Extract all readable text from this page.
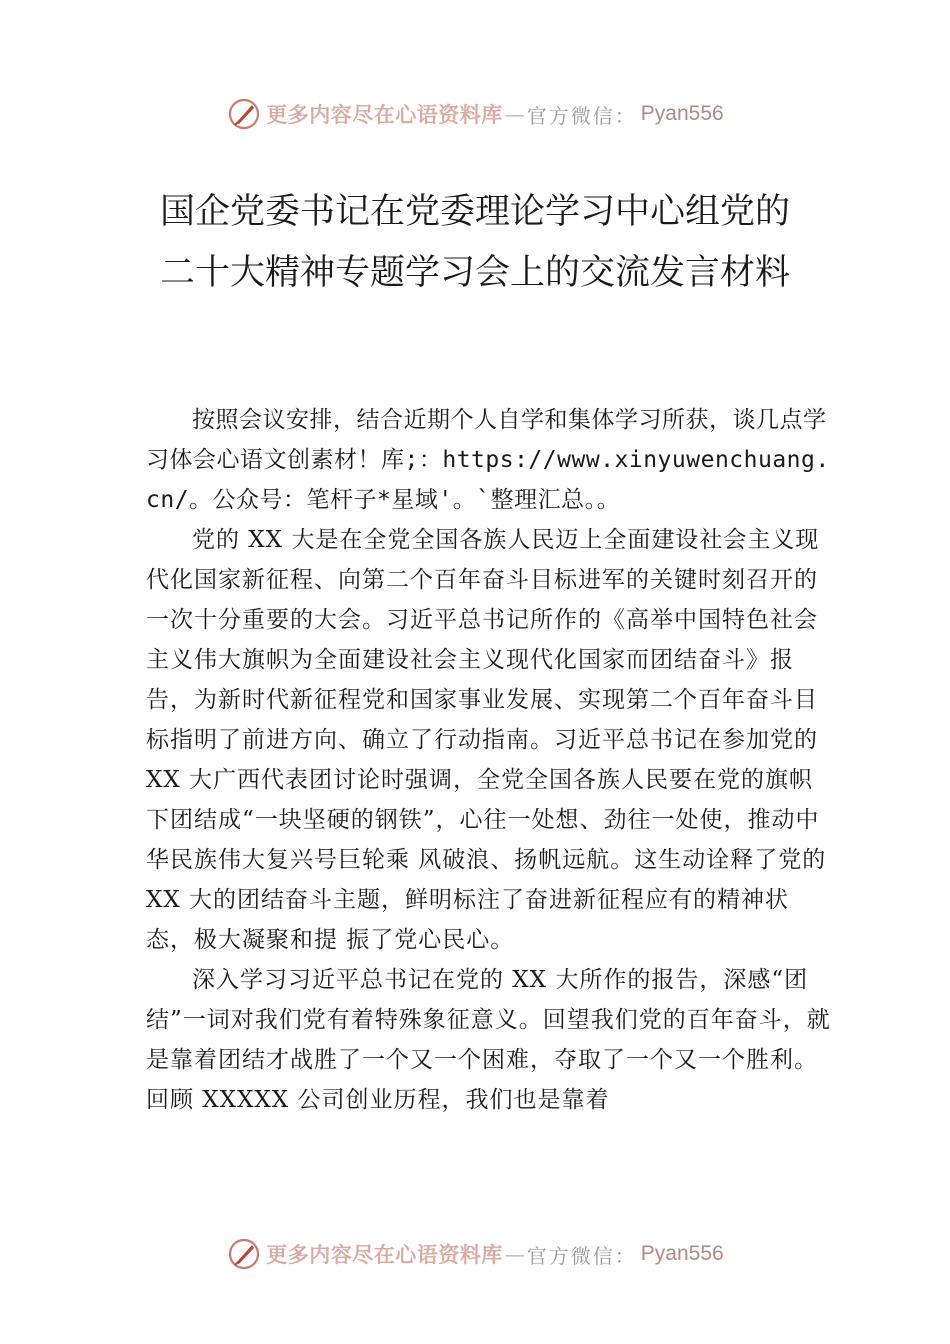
更多内容尽在心语资料库 — 官方微信： Pyan556
国企党委书记在党委理论学习中心组党的二十大精神专题学习会上的交流发言材料

按照会议安排，结合近期个人自学和集体学习所获，谈几点学习体会心语文创素材！库;：https://www.xinyuwenchuang.cn/。公众号：笔杆子*星域'。`整理汇总。。

党的 XX 大是在全党全国各族人民迈上全面建设社会主义现代化国家新征程、向第二个百年奋斗目标进军的关键时刻召开的一次十分重要的大会。习近平总书记所作的《高举中国特色社会主义伟大旗帜为全面建设社会主义现代化国家而团结奋斗》报告，为新时代新征程党和国家事业发展、实现第二个百年奋斗目标指明了前进方向、确立了行动指南。习近平总书记在参加党的 XX 大广西代表团讨论时强调，全党全国各族人民要在党的旗帜下团结成“一块坚硬的钢铁”，心往一处想、劲往一处使，推动中华民族伟大复兴号巨轮乘 风破浪、扬帆远航。这生动诠释了党的 XX 大的团结奋斗主题，鲜明标注了奋进新征程应有的精神状态，极大凝聚和提 振了党心民心。

深入学习习近平总书记在党的 XX 大所作的报告，深感“团结”一词对我们党有着特殊象征意义。回望我们党的百年奋斗，就是靠着团结才战胜了一个又一个困难，夺取了一个又一个胜利。回顾 XXXXX 公司创业历程，我们也是靠着

更多内容尽在心语资料库 — 官方微信： Pyan556
